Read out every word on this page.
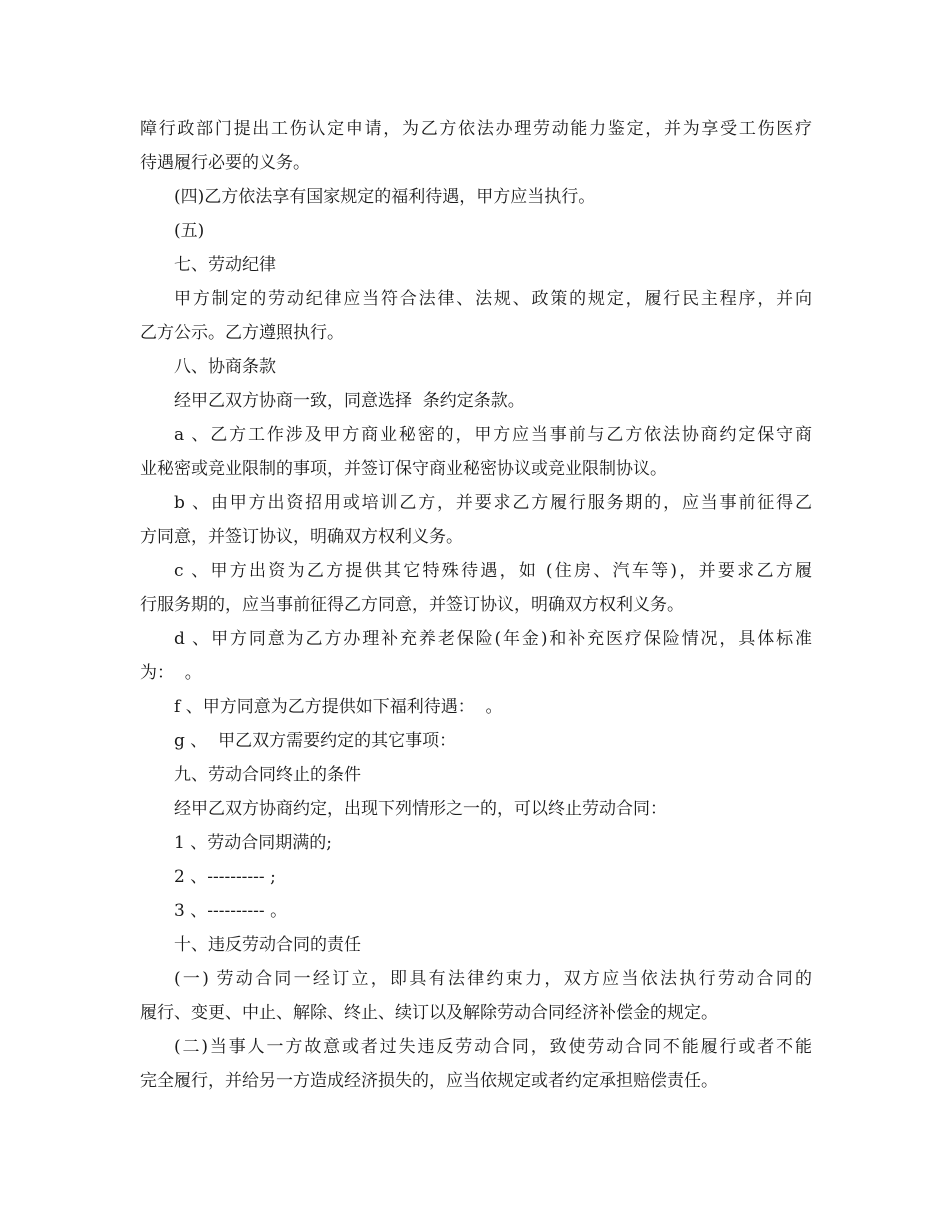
障行政部门提出工伤认定申请，为乙方依法办理劳动能力鉴定，并为享受工伤医疗
待遇履行必要的义务。
(四)乙方依法享有国家规定的福利待遇，甲方应当执行。
(五)
七、劳动纪律
甲方制定的劳动纪律应当符合法律、法规、政策的规定，履行民主程序，并向
乙方公示。乙方遵照执行。
八、协商条款
经甲乙双方协商一致，同意选择  条约定条款。
a 、乙方工作涉及甲方商业秘密的，甲方应当事前与乙方依法协商约定保守商
业秘密或竞业限制的事项，并签订保守商业秘密协议或竞业限制协议。
b 、由甲方出资招用或培训乙方，并要求乙方履行服务期的，应当事前征得乙
方同意，并签订协议，明确双方权利义务。
c 、甲方出资为乙方提供其它特殊待遇，如 (住房、汽车等)，并要求乙方履
行服务期的，应当事前征得乙方同意，并签订协议，明确双方权利义务。
d 、甲方同意为乙方办理补充养老保险(年金)和补充医疗保险情况，具体标准
为：  。
f 、甲方同意为乙方提供如下福利待遇：  。
g 、  甲乙双方需要约定的其它事项：
九、劳动合同终止的条件
经甲乙双方协商约定，出现下列情形之一的，可以终止劳动合同：
1 、劳动合同期满的;
2 、---------- ;
3 、---------- 。
十、违反劳动合同的责任
(一) 劳动合同一经订立，即具有法律约束力，双方应当依法执行劳动合同的
履行、变更、中止、解除、终止、续订以及解除劳动合同经济补偿金的规定。
(二)当事人一方故意或者过失违反劳动合同，致使劳动合同不能履行或者不能
完全履行，并给另一方造成经济损失的，应当依规定或者约定承担赔偿责任。
